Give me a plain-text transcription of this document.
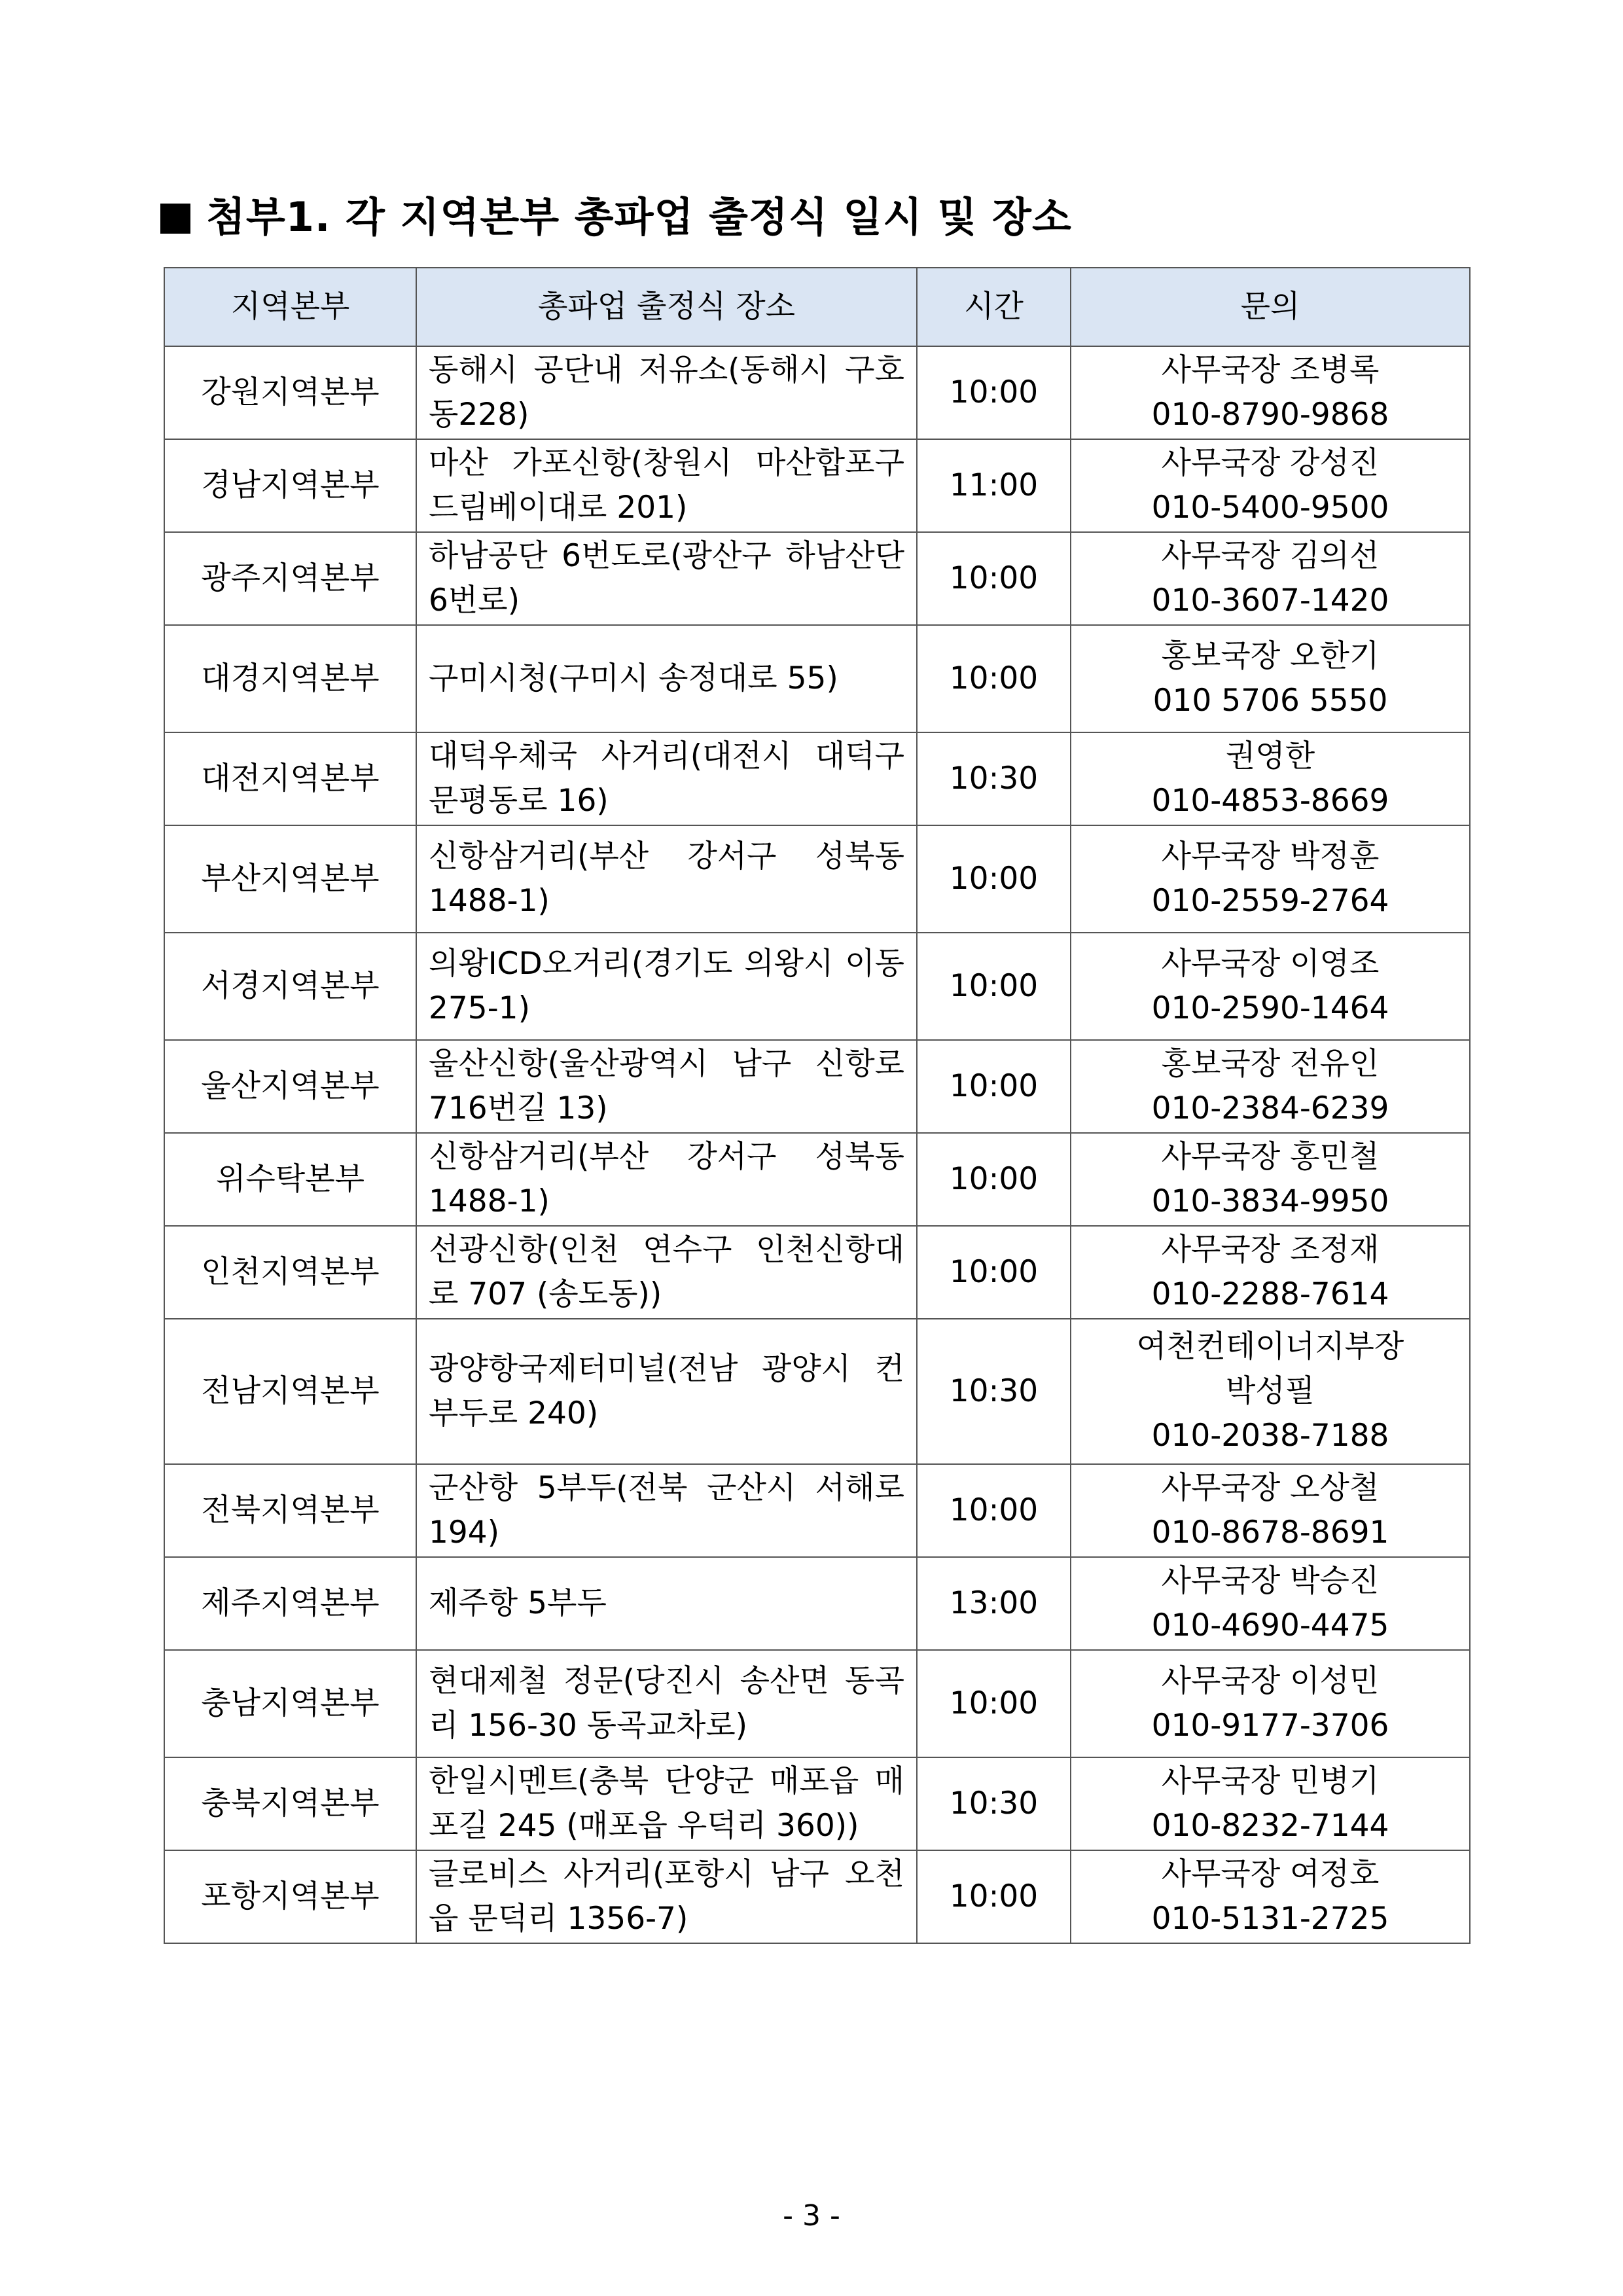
첨부1. 각 지역본부 총파업 출정식 일시 및 장소
지역본부	총파업 출정식 장소	시간	문의
강원지역본부	동해시 공단내 저유소(동해시 구호동228)	10:00	사무국장 조병록
010-8790-9868

경남지역본부	마산 가포신항(창원시 마산합포구 드림베이대로 201)	11:00	사무국장 강성진
010-5400-9500

광주지역본부	하남공단 6번도로(광산구 하남산단 6번로)	10:00	사무국장 김의선
010-3607-1420

대경지역본부	구미시청(구미시 송정대로 55)	10:00	홍보국장 오한기
010 5706 5550

대전지역본부	대덕우체국 사거리(대전시 대덕구 문평동로 16)	10:30	권영한
010-4853-8669

부산지역본부	신항삼거리(부산 강서구 성북동 1488-1)	10:00	사무국장 박정훈
010-2559-2764

서경지역본부	의왕ICD오거리(경기도 의왕시 이동 275-1)	10:00	사무국장 이영조
010-2590-1464

울산지역본부	울산신항(울산광역시 남구 신항로 716번길 13)	10:00	홍보국장 전유인
010-2384-6239

위수탁본부	신항삼거리(부산 강서구 성북동 1488-1)	10:00	사무국장 홍민철
010-3834-9950

인천지역본부	선광신항(인천 연수구 인천신항대로 707 (송도동))	10:00	사무국장 조정재
010-2288-7614

전남지역본부	광양항국제터미널(전남 광양시 컨부두로 240)	10:30	여천컨테이너지부장
박성필
010-2038-7188

전북지역본부	군산항 5부두(전북 군산시 서해로 194)	10:00	사무국장 오상철
010-8678-8691

제주지역본부	제주항 5부두	13:00	사무국장 박승진
010-4690-4475

충남지역본부	현대제철 정문(당진시 송산면 동곡리 156-30 동곡교차로)	10:00	사무국장 이성민
010-9177-3706

충북지역본부	한일시멘트(충북 단양군 매포읍 매포길 245 (매포읍 우덕리 360))	10:30	사무국장 민병기
010-8232-7144

포항지역본부	글로비스 사거리(포항시 남구 오천읍 문덕리 1356-7)	10:00	사무국장 여정호
010-5131-2725
- 3 -
